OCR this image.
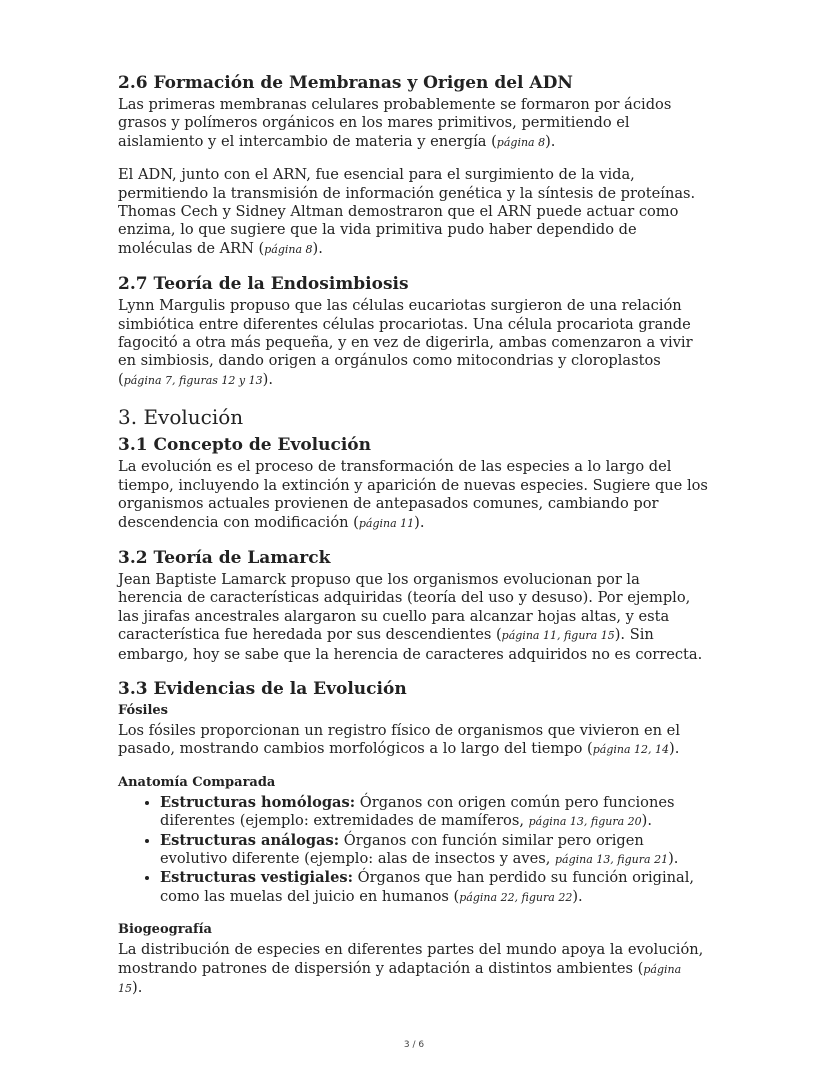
2.6 Formación de Membranas y Origen del ADN

Las primeras membranas celulares probablemente se formaron por ácidos grasos y polímeros orgánicos en los mares primitivos, permitiendo el aislamiento y el intercambio de materia y energía (página 8).

El ADN, junto con el ARN, fue esencial para el surgimiento de la vida, permitiendo la transmisión de información genética y la síntesis de proteínas. Thomas Cech y Sidney Altman demostraron que el ARN puede actuar como enzima, lo que sugiere que la vida primitiva pudo haber dependido de moléculas de ARN (página 8).

2.7 Teoría de la Endosimbiosis

Lynn Margulis propuso que las células eucariotas surgieron de una relación simbiótica entre diferentes células procariotas. Una célula procariota grande fagocitó a otra más pequeña, y en vez de digerirla, ambas comenzaron a vivir en simbiosis, dando origen a orgánulos como mitocondrias y cloroplastos (página 7, figuras 12 y 13).

3. Evolución
3.1 Concepto de Evolución

La evolución es el proceso de transformación de las especies a lo largo del tiempo, incluyendo la extinción y aparición de nuevas especies. Sugiere que los organismos actuales provienen de antepasados comunes, cambiando por descendencia con modificación (página 11).

3.2 Teoría de Lamarck

Jean Baptiste Lamarck propuso que los organismos evolucionan por la herencia de características adquiridas (teoría del uso y desuso). Por ejemplo, las jirafas ancestrales alargaron su cuello para alcanzar hojas altas, y esta característica fue heredada por sus descendientes (página 11, figura 15). Sin embargo, hoy se sabe que la herencia de caracteres adquiridos no es correcta.

3.3 Evidencias de la Evolución
Fósiles

Los fósiles proporcionan un registro físico de organismos que vivieron en el pasado, mostrando cambios morfológicos a lo largo del tiempo (página 12, 14).

Anatomía Comparada
• Estructuras homólogas: Órganos con origen común pero funciones diferentes (ejemplo: extremidades de mamíferos, página 13, figura 20).
• Estructuras análogas: Órganos con función similar pero origen evolutivo diferente (ejemplo: alas de insectos y aves, página 13, figura 21).
• Estructuras vestigiales: Órganos que han perdido su función original, como las muelas del juicio en humanos (página 22, figura 22).
Biogeografía

La distribución de especies en diferentes partes del mundo apoya la evolución, mostrando patrones de dispersión y adaptación a distintos ambientes (página 15).

3 / 6
